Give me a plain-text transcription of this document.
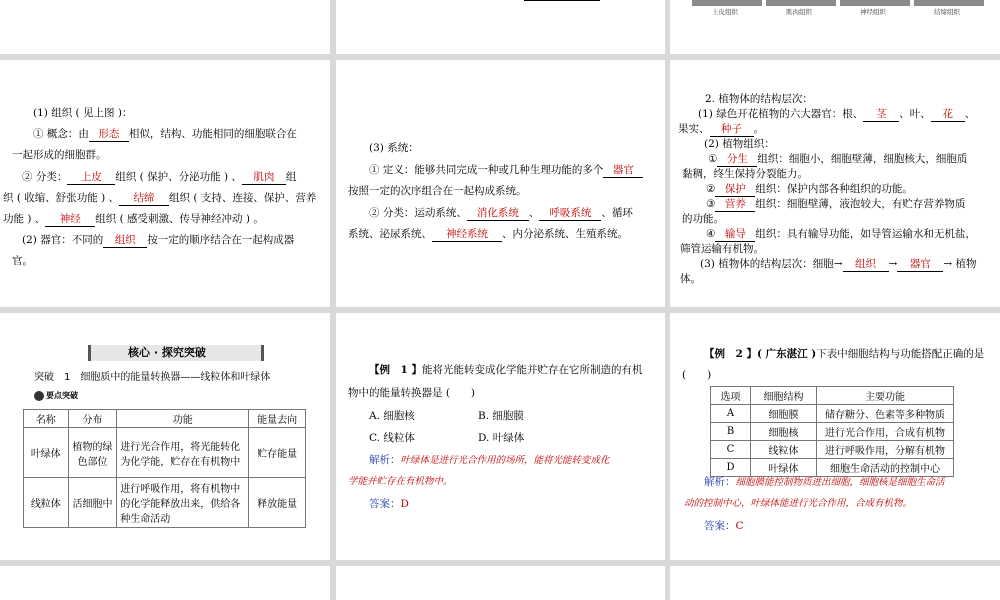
上皮组织	肌肉组织	神经组织	结缔组织
(1) 组织 ( 见上图 )：
① 概念：由 形态 相似，结构、功能相同的细胞联合在
一起形成的细胞群。
② 分类： 上皮 组织 ( 保护、分泌功能 ) 、 肌肉 组
织 ( 收缩、舒张功能 ) 、 结缔 组织 ( 支持、连接、保护、营养
功能 ) 、 神经 组织 ( 感受刺激、传导神经冲动 ) 。
(2) 器官：不同的 组织 按一定的顺序结合在一起构成器
官。
(3) 系统：
① 定义：能够共同完成一种或几种生理功能的多个 器官
按照一定的次序组合在一起构成系统。
② 分类：运动系统、 消化系统 、 呼吸系统 、循环
系统、泌尿系统、 神经系统 、内分泌系统、生殖系统。
2. 植物体的结构层次：
(1) 绿色开花植物的六大器官：根、 茎 、叶、 花 、
果实、 种子 。
(2) 植物组织：
① 分生 组织：细胞小，细胞壁薄，细胞核大，细胞质
黏稠，终生保持分裂能力。
② 保护 组织：保护内部各种组织的功能。
③ 营养 组织：细胞壁薄，液泡较大，有贮存营养物质
的功能。
④ 输导 组织：具有输导功能，如导管运输水和无机盐，
筛管运输有机物。
(3) 植物体的结构层次：细胞→ 组织 → 器官 → 植物
体。
核心 · 探究突破
突破　1　细胞质中的能量转换器——线粒体和叶绿体
要点突破
名称	分布	功能	能量去向
叶绿体	植物的绿色部位	进行光合作用，将光能转化为化学能，贮存在有机物中	贮存能量
线粒体	活细胞中	进行呼吸作用，将有机物中的化学能释放出来，供给各种生命活动	释放能量
【例　1 】能将光能转变成化学能并贮存在它所制造的有机
物中的能量转换器是 (　　)
A. 细胞核	B. 细胞膜
C. 线粒体	D. 叶绿体
解析：叶绿体是进行光合作用的场所，能将光能转变成化
学能并贮存在有机物中。
答案：D
【例　2 】( 广东湛江 )下表中细胞结构与功能搭配正确的是
(　　)
选项	细胞结构	主要功能
A	细胞膜	储存糖分、色素等多种物质
B	细胞核	进行光合作用，合成有机物
C	线粒体	进行呼吸作用，分解有机物
D	叶绿体	细胞生命活动的控制中心
解析：细胞膜能控制物质进出细胞，细胞核是细胞生命活
动的控制中心，叶绿体能进行光合作用，合成有机物。
答案：C
